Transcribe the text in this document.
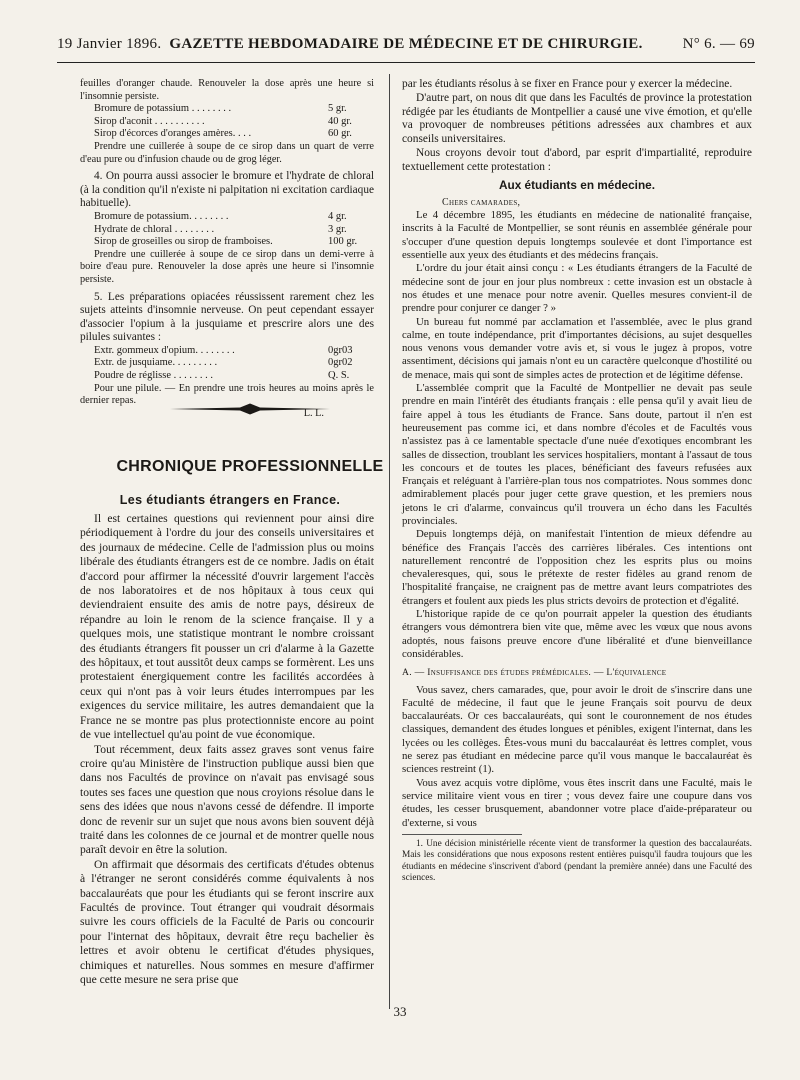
19 Janvier 1896. GAZETTE HEBDOMADAIRE DE MÉDECINE ET DE CHIRURGIE.	N° 6. — 69

feuilles d'oranger chaude. Renouveler la dose après une heure si l'insomnie persiste.

Bromure de potassium . . . . . . . .	5 gr.
Sirop d'aconit . . . . . . . . . .	40 gr.
Sirop d'écorces d'oranges amères. . . .	60 gr.

Prendre une cuillerée à soupe de ce sirop dans un quart de verre d'eau pure ou d'infusion chaude ou de grog léger.

4. On pourra aussi associer le bromure et l'hydrate de chloral (à la condition qu'il n'existe ni palpitation ni excitation cardiaque habituelle).

Bromure de potassium. . . . . . . .	4 gr.
Hydrate de chloral . . . . . . . .	3 gr.
Sirop de groseilles ou sirop de framboises.	100 gr.

Prendre une cuillerée à soupe de ce sirop dans un demi-verre à boire d'eau pure. Renouveler la dose après une heure si l'insomnie persiste.

5. Les préparations opiacées réussissent rarement chez les sujets atteints d'insomnie nerveuse. On peut cependant essayer d'associer l'opium à la jusquiame et prescrire alors une des pilules suivantes :

Extr. gommeux d'opium. . . . . . . .	0gr03
Extr. de jusquiame. . . . . . . . .	0gr02
Poudre de réglisse . . . . . . . .	Q. S.

Pour une pilule. — En prendre une trois heures au moins après le dernier repas.

L. L.

CHRONIQUE PROFESSIONNELLE
Les étudiants étrangers en France.

Il est certaines questions qui reviennent pour ainsi dire périodiquement à l'ordre du jour des conseils universitaires et des journaux de médecine. Celle de l'admission plus ou moins libérale des étudiants étrangers est de ce nombre. Jadis on était d'accord pour affirmer la nécessité d'ouvrir largement l'accès de nos laboratoires et de nos hôpitaux à tous ceux qui deviendraient ensuite des amis de notre pays, désireux de répandre au loin le renom de la science française. Il y a quelques mois, une statistique montrant le nombre croissant des étudiants étrangers fit pousser un cri d'alarme à la Gazette des hôpitaux, et tout aussitôt deux camps se formèrent. Les uns protestaient énergiquement contre les facilités accordées à ceux qui n'ont pas à voir leurs études interrompues par les exigences du service militaire, les autres demandaient que la France ne se montre pas plus protectionniste encore au point de vue intellectuel qu'au point de vue économique.

Tout récemment, deux faits assez graves sont venus faire croire qu'au Ministère de l'instruction publique aussi bien que dans nos Facultés de province on n'avait pas envisagé sous toutes ses faces une question que nous croyions résolue dans le sens des idées que nous n'avons cessé de défendre. Il importe donc de revenir sur un sujet que nous avons bien souvent déjà traité dans les colonnes de ce journal et de montrer quelle nous paraît devoir en être la solution.

On affirmait que désormais des certificats d'études obtenus à l'étranger ne seront considérés comme équivalents à nos baccalauréats que pour les étudiants qui se feront inscrire aux Facultés de province. Tout étranger qui voudrait désormais suivre les cours officiels de la Faculté de Paris ou concourir pour l'internat des hôpitaux, devrait être reçu bachelier ès lettres et avoir obtenu le certificat d'études physiques, chimiques et naturelles. Nous sommes en mesure d'affirmer que cette mesure ne sera prise que

par les étudiants résolus à se fixer en France pour y exercer la médecine.

D'autre part, on nous dit que dans les Facultés de province la protestation rédigée par les étudiants de Montpellier a causé une vive émotion, et qu'elle va provoquer de nombreuses pétitions adressées aux chambres et aux conseils universitaires.

Nous croyons devoir tout d'abord, par esprit d'impartialité, reproduire textuellement cette protestation :

Aux étudiants en médecine.

Chers camarades,

Le 4 décembre 1895, les étudiants en médecine de nationalité française, inscrits à la Faculté de Montpellier, se sont réunis en assemblée générale pour s'occuper d'une question depuis longtemps soulevée et dont l'importance est essentielle aux yeux des étudiants et des médecins français.

L'ordre du jour était ainsi conçu : « Les étudiants étrangers de la Faculté de médecine sont de jour en jour plus nombreux : cette invasion est un obstacle à nos études et une menace pour notre avenir. Quelles mesures convient-il de prendre pour conjurer ce danger ? »

Un bureau fut nommé par acclamation et l'assemblée, avec le plus grand calme, en toute indépendance, prit d'importantes décisions, au sujet desquelles nous venons vous demander votre avis et, si vous le jugez à propos, votre assentiment, décisions qui jamais n'ont eu un caractère quelconque d'hostilité ou de menace, mais qui sont de simples actes de protection et de légitime défense.

L'assemblée comprit que la Faculté de Montpellier ne devait pas seule prendre en main l'intérêt des étudiants français : elle pensa qu'il y avait lieu de faire appel à tous les étudiants de France. Sans doute, partout il n'en est heureusement pas comme ici, et dans nombre d'écoles et de Facultés vous n'assistez pas à ce lamentable spectacle d'une nuée d'exotiques encombrant les salles de dissection, troublant les services hospitaliers, montant à l'assaut de tous les concours et de toutes les places, bénéficiant des faveurs refusées aux Français et reléguant à l'arrière-plan tous nos compatriotes. Nous sommes donc admirablement placés pour juger cette grave question, et les premiers nous jetons le cri d'alarme, convaincus qu'il trouvera un écho dans les Facultés provinciales.

Depuis longtemps déjà, on manifestait l'intention de mieux défendre au bénéfice des Français l'accès des carrières libérales. Ces intentions ont naturellement rencontré de l'opposition chez les esprits plus ou moins chevaleresques, qui, sous le prétexte de rester fidèles au grand renom de l'hospitalité française, ne craignent pas de mettre avant leurs compatriotes des étrangers et foulent aux pieds les plus stricts devoirs de protection et d'égalité.

L'historique rapide de ce qu'on pourrait appeler la question des étudiants étrangers vous démontrera bien vite que, même avec les vœux que nous avons adoptés, nous faisons preuve encore d'une libéralité et d'une bienveillance considérables.

A. — Insuffisance des études prémédicales. — L'équivalence

Vous savez, chers camarades, que, pour avoir le droit de s'inscrire dans une Faculté de médecine, il faut que le jeune Français soit pourvu de deux baccalauréats. Or ces baccalauréats, qui sont le couronnement de nos études classiques, demandent des études longues et pénibles, exigent l'internat, dans les lycées ou les collèges. Êtes-vous muni du baccalauréat ès lettres complet, vous ne serez pas étudiant en médecine parce qu'il vous manque le baccalauréat ès sciences restreint (1).

Vous avez acquis votre diplôme, vous êtes inscrit dans une Faculté, mais le service militaire vient vous en tirer ; vous devez faire une coupure dans vos études, les cesser brusquement, abandonner votre place d'aide-préparateur ou d'externe, si vous

1. Une décision ministérielle récente vient de transformer la question des baccalauréats. Mais les considérations que nous exposons restent entières puisqu'il faudra toujours que les étudiants en médecine s'inscrivent d'abord (pendant la première année) dans une Faculté des sciences.

33
